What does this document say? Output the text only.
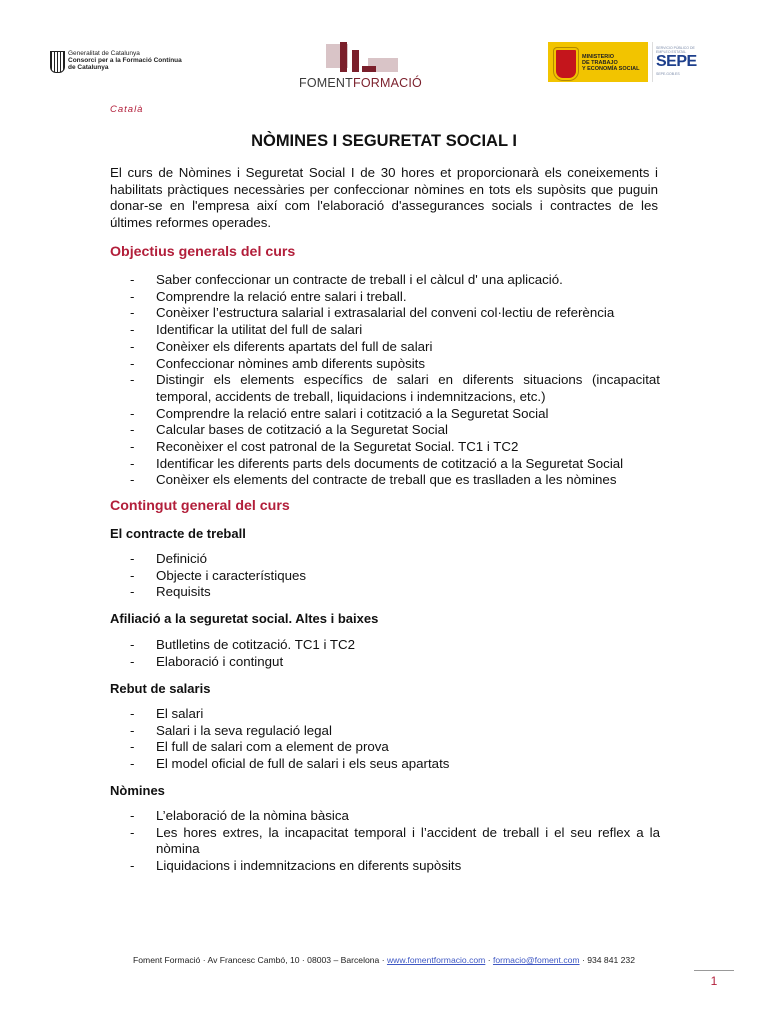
Generalitat de Catalunya
Consorci per a la Formació Contínua
de Catalunya
FOMENTFORMACIÓ
MINISTERIO
DE TRABAJO
Y ECONOMÍA SOCIAL
SERVICIO PÚBLICO DE EMPLEO ESTATAL
SEPE
SEPE.GOB.ES
Català
NÒMINES I SEGURETAT SOCIAL I

El curs de Nòmines i Seguretat Social I de 30 hores et proporcionarà els coneixements i habilitats pràctiques necessàries per confeccionar nòmines en tots els supòsits que puguin donar-se en l'empresa així com l'elaboració d'assegurances socials i contractes de les últimes reformes operades.

Objectius generals del curs
- Saber confeccionar un contracte de treball i el càlcul d' una aplicació.
- Comprendre la relació entre salari i treball.
- Conèixer l’estructura salarial i extrasalarial del conveni col·lectiu de referència
- Identificar la utilitat del full de salari
- Conèixer els diferents apartats del full de salari
- Confeccionar nòmines amb diferents supòsits
- Distingir els elements específics de salari en diferents situacions (incapacitat temporal, accidents de treball, liquidacions i indemnitzacions, etc.)
- Comprendre la relació entre salari i cotització a la Seguretat Social
- Calcular bases de cotització a la Seguretat Social
- Reconèixer el cost patronal de la Seguretat Social. TC1 i TC2
- Identificar les diferents parts dels documents de cotització a la Seguretat Social
- Conèixer els elements del contracte de treball que es traslladen a les nòmines
Contingut general del curs
El contracte de treball
- Definició
- Objecte i característiques
- Requisits
Afiliació a la seguretat social. Altes i baixes
- Butlletins de cotització. TC1 i TC2
- Elaboració i contingut
Rebut de salaris
- El salari
- Salari i la seva regulació legal
- El full de salari com a element de prova
- El model oficial de full de salari i els seus apartats
Nòmines
- L’elaboració de la nòmina bàsica
- Les hores extres, la incapacitat temporal i l’accident de treball i el seu reflex a la nòmina
- Liquidacions i indemnitzacions en diferents supòsits
Foment Formació · Av Francesc Cambó, 10 · 08003 – Barcelona · www.fomentformacio.com · formacio@foment.com · 934 841 232
1
